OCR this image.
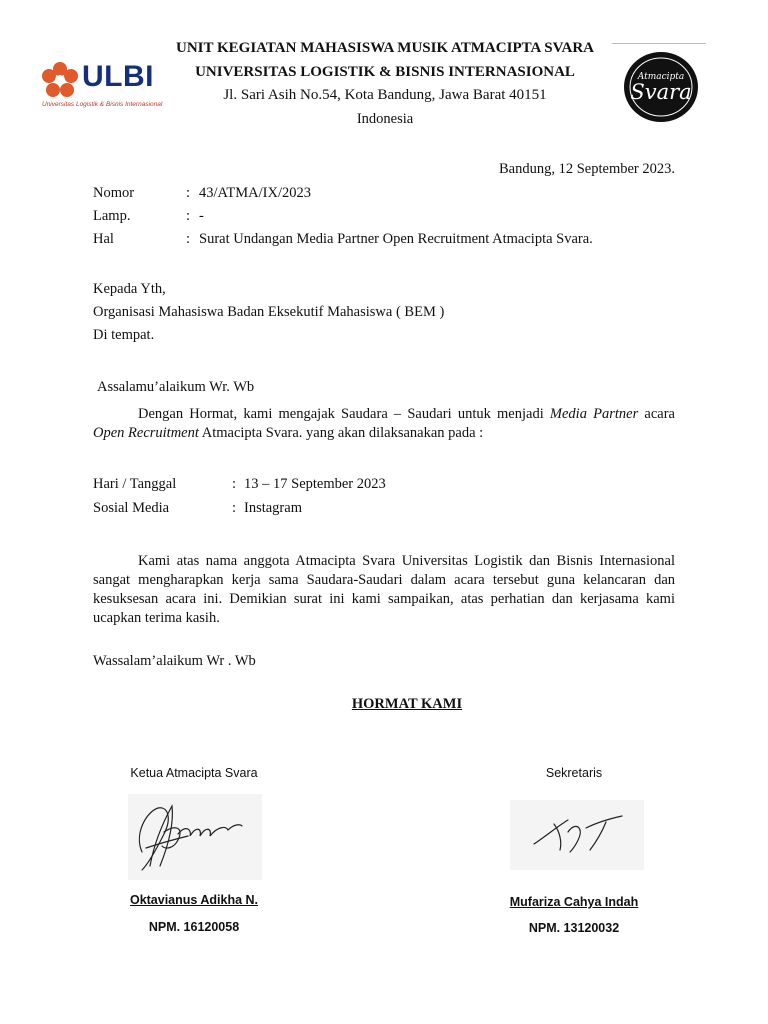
ULBI
Universitas Logistik & Bisnis Internasional
UNIT KEGIATAN MAHASISWA MUSIK ATMACIPTA SVARA
UNIVERSITAS LOGISTIK & BISNIS INTERNASIONAL
Jl. Sari Asih No.54, Kota Bandung, Jawa Barat 40151
Indonesia
Atmacipta
Svara
Bandung, 12 September 2023.
Nomor	: 43/ATMA/IX/2023
Lamp.	: -
Hal	: Surat Undangan Media Partner Open Recruitment Atmacipta Svara.
Kepada Yth,
Organisasi Mahasiswa Badan Eksekutif Mahasiswa ( BEM )
Di tempat.
Assalamu’alaikum Wr. Wb
Dengan Hormat, kami mengajak Saudara – Saudari untuk menjadi Media Partner acara Open Recruitment Atmacipta Svara. yang akan dilaksanakan pada :
Hari / Tanggal	: 13 – 17 September 2023
Sosial Media	: Instagram
Kami atas nama anggota Atmacipta Svara Universitas Logistik dan Bisnis Internasional sangat mengharapkan kerja sama Saudara-Saudari dalam acara tersebut guna kelancaran dan kesuksesan acara ini. Demikian surat ini kami sampaikan, atas perhatian dan kerjasama kami ucapkan terima kasih.
Wassalam’alaikum Wr . Wb
HORMAT KAMI
Ketua Atmacipta Svara	Sekretaris
Oktavianus Adikha N.	Mufariza Cahya Indah
NPM. 16120058	NPM. 13120032
